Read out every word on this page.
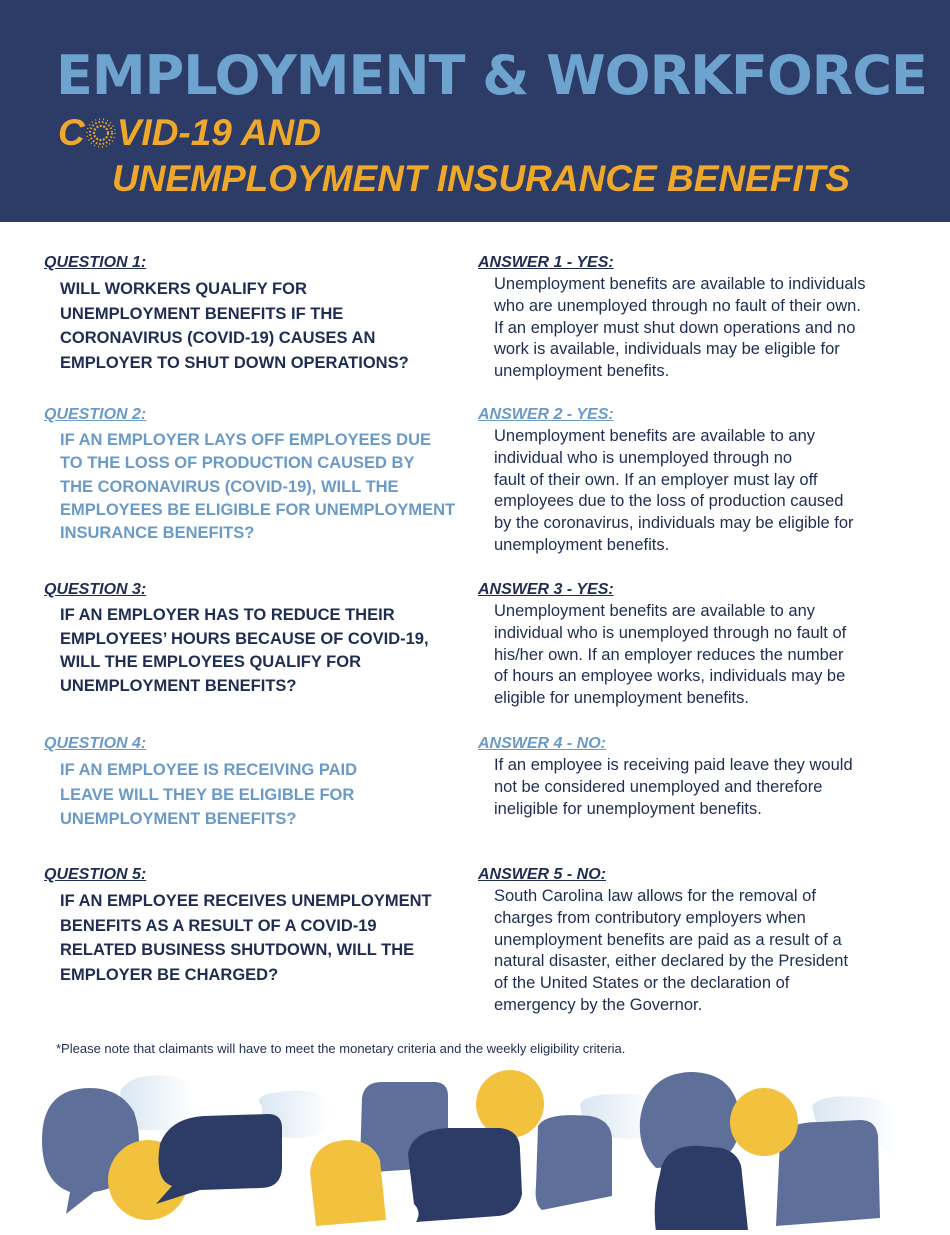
EMPLOYMENT & WORKFORCE
C VID-19 AND
UNEMPLOYMENT INSURANCE BENEFITS
QUESTION 1:
WILL WORKERS QUALIFY FOR
UNEMPLOYMENT BENEFITS IF THE
CORONAVIRUS (COVID-19) CAUSES AN
EMPLOYER TO SHUT DOWN OPERATIONS?
ANSWER 1 - YES:
Unemployment benefits are available to individuals
who are unemployed through no fault of their own.
If an employer must shut down operations and no
work is available, individuals may be eligible for
unemployment benefits.
QUESTION 2:
IF AN EMPLOYER LAYS OFF EMPLOYEES DUE
TO THE LOSS OF PRODUCTION CAUSED BY
THE CORONAVIRUS (COVID-19), WILL THE
EMPLOYEES BE ELIGIBLE FOR UNEMPLOYMENT
INSURANCE BENEFITS?
ANSWER 2 - YES:
Unemployment benefits are available to any
individual who is unemployed through no
fault of their own. If an employer must lay off
employees due to the loss of production caused
by the coronavirus, individuals may be eligible for
unemployment benefits.
QUESTION 3:
IF AN EMPLOYER HAS TO REDUCE THEIR
EMPLOYEES’ HOURS BECAUSE OF COVID-19,
WILL THE EMPLOYEES QUALIFY FOR
UNEMPLOYMENT BENEFITS?
ANSWER 3 - YES:
Unemployment benefits are available to any
individual who is unemployed through no fault of
his/her own. If an employer reduces the number
of hours an employee works, individuals may be
eligible for unemployment benefits.
QUESTION 4:
IF AN EMPLOYEE IS RECEIVING PAID
LEAVE WILL THEY BE ELIGIBLE FOR
UNEMPLOYMENT BENEFITS?
ANSWER 4 - NO:
If an employee is receiving paid leave they would
not be considered unemployed and therefore
ineligible for unemployment benefits.
QUESTION 5:
IF AN EMPLOYEE RECEIVES UNEMPLOYMENT
BENEFITS AS A RESULT OF A COVID-19
RELATED BUSINESS SHUTDOWN, WILL THE
EMPLOYER BE CHARGED?
ANSWER 5 - NO:
South Carolina law allows for the removal of
charges from contributory employers when
unemployment benefits are paid as a result of a
natural disaster, either declared by the President
of the United States or the declaration of
emergency by the Governor.
*Please note that claimants will have to meet the monetary criteria and the weekly eligibility criteria.
